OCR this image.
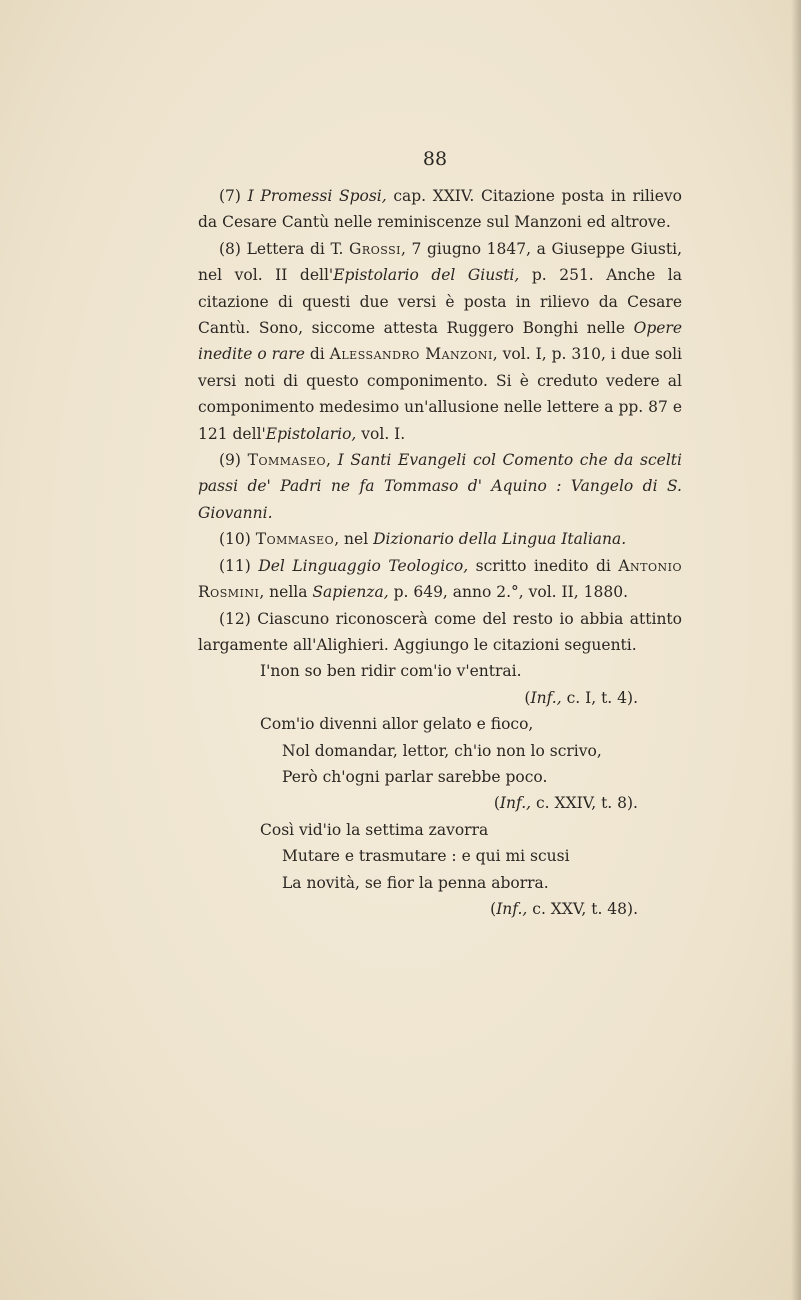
88

(7) I Promessi Sposi, cap. XXIV. Citazione posta in rilievo da Cesare Cantù nelle reminiscenze sul Manzoni ed altrove.

(8) Lettera di T. Grossi, 7 giugno 1847, a Giuseppe Giusti, nel vol. II dell'Epistolario del Giusti, p. 251. Anche la citazione di questi due versi è posta in rilievo da Cesare Cantù. Sono, siccome attesta Ruggero Bonghi nelle Opere inedite o rare di Alessandro Manzoni, vol. I, p. 310, i due soli versi noti di questo componimento. Si è creduto vedere al componimento medesimo un'allusione nelle lettere a pp. 87 e 121 dell'Epistolario, vol. I.

(9) Tommaseo, I Santi Evangeli col Comento che da scelti passi de' Padri ne fa Tommaso d' Aquino : Vangelo di S. Giovanni.

(10) Tommaseo, nel Dizionario della Lingua Italiana.

(11) Del Linguaggio Teologico, scritto inedito di Antonio Rosmini, nella Sapienza, p. 649, anno 2.°, vol. II, 1880.

(12) Ciascuno riconoscerà come del resto io abbia attinto largamente all'Alighieri. Aggiungo le citazioni seguenti.

I'non so ben ridir com'io v'entrai.

(Inf., c. I, t. 4).

Com'io divenni allor gelato e fioco,

Nol domandar, lettor, ch'io non lo scrivo,

Però ch'ogni parlar sarebbe poco.

(Inf., c. XXIV, t. 8).

Così vid'io la settima zavorra

Mutare e trasmutare : e qui mi scusi

La novità, se fior la penna aborra.

(Inf., c. XXV, t. 48).
